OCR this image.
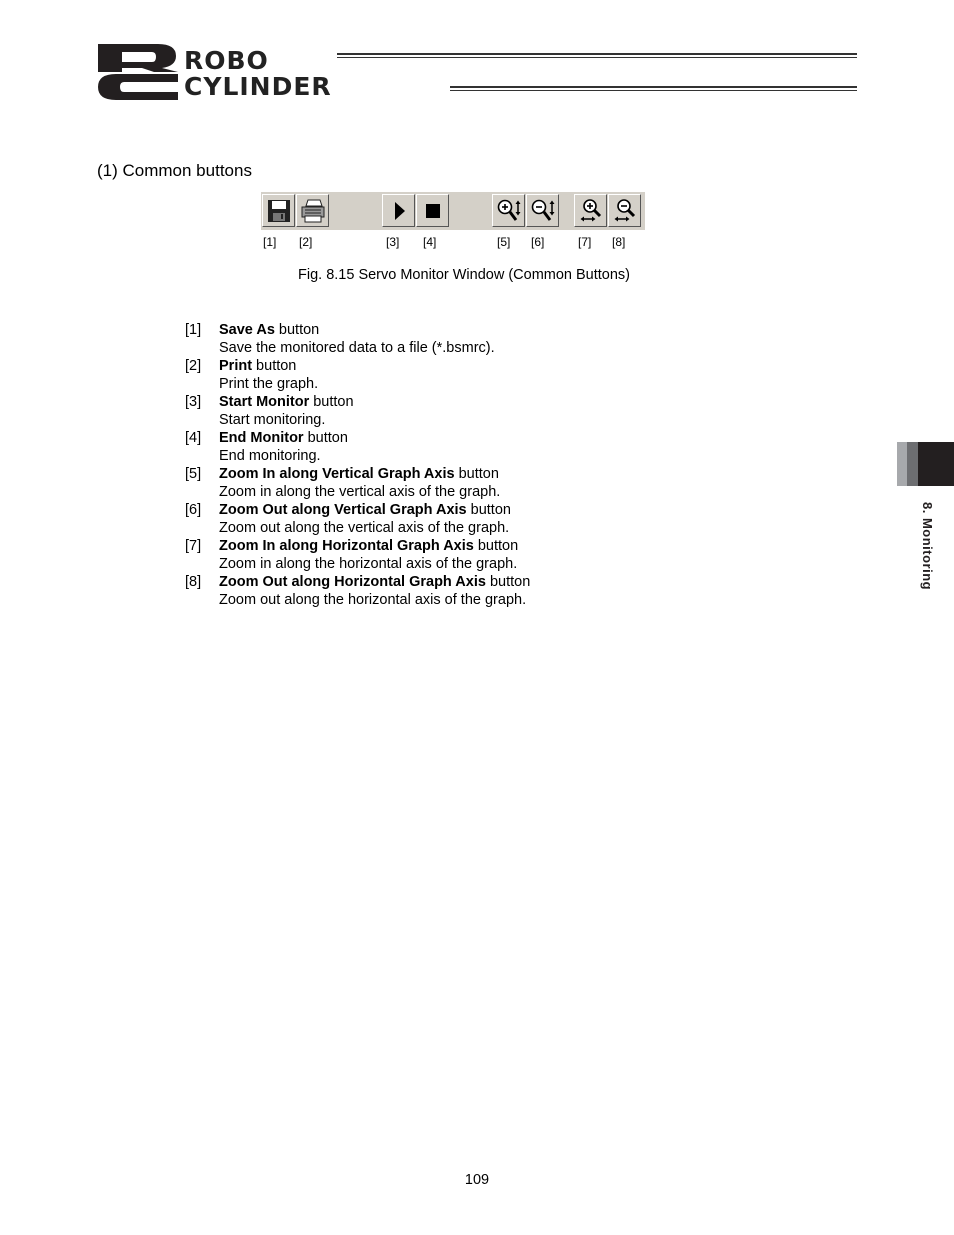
ROBO
CYLINDER
(1) Common buttons
[1] [2]	[3] [4]	[5] [6]	[7] [8]
Fig. 8.15 Servo Monitor Window (Common Buttons)
[1]	Save As button
Save the monitored data to a file (*.bsmrc).
[2]	Print button
Print the graph.
[3]	Start Monitor button
Start monitoring.
[4]	End Monitor button
End monitoring.
[5]	Zoom In along Vertical Graph Axis button
Zoom in along the vertical axis of the graph.
[6]	Zoom Out along Vertical Graph Axis button
Zoom out along the vertical axis of the graph.
[7]	Zoom In along Horizontal Graph Axis button
Zoom in along the horizontal axis of the graph.
[8]	Zoom Out along Horizontal Graph Axis button
Zoom out along the horizontal axis of the graph.
8. Monitoring
109
